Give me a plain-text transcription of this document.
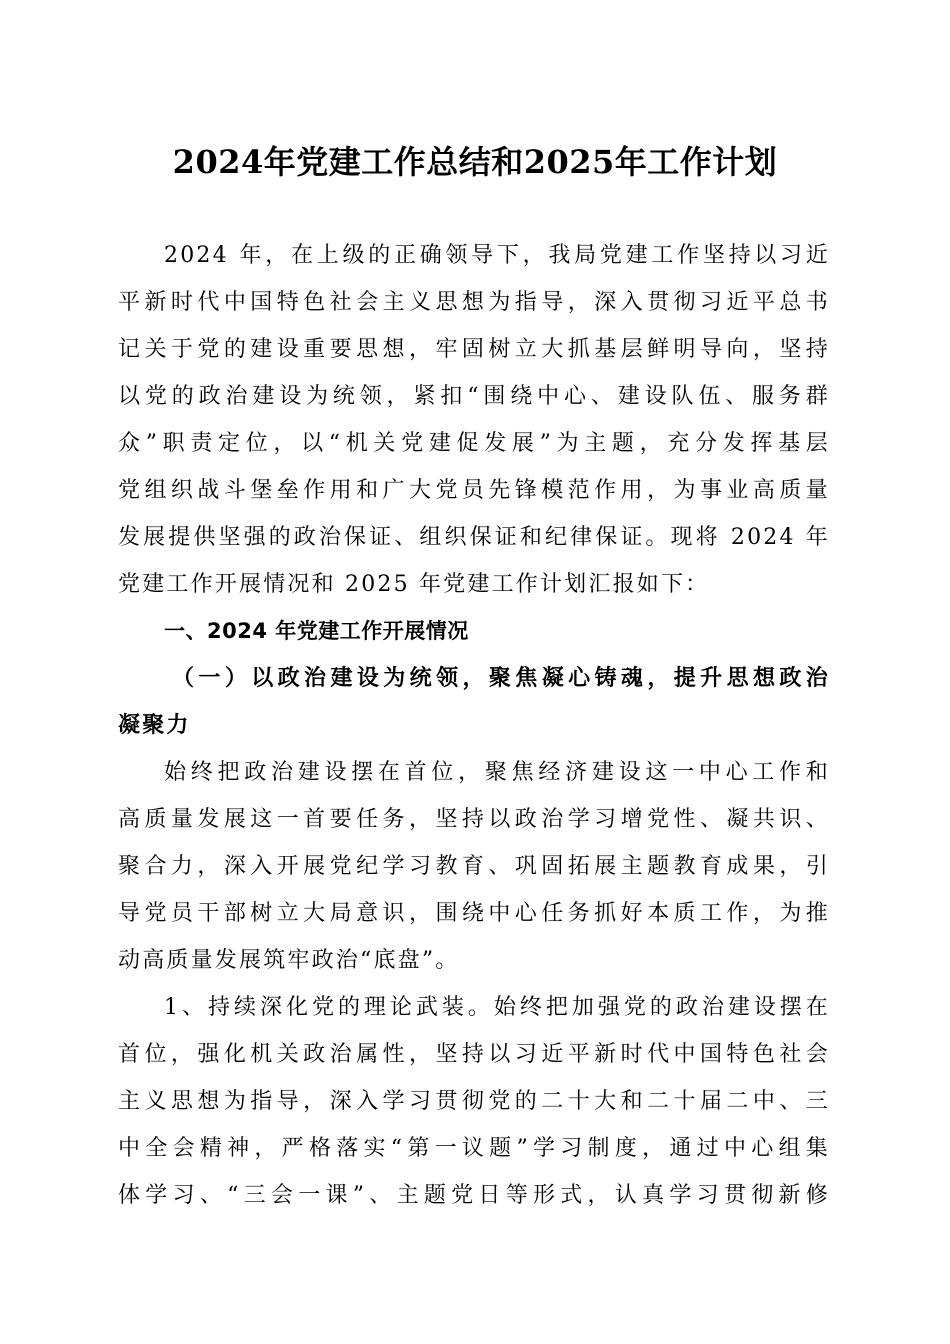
2024年党建工作总结和2025年工作计划
2024 年，在上级的正确领导下，我局党建工作坚持以习近
平新时代中国特色社会主义思想为指导，深入贯彻习近平总书
记关于党的建设重要思想，牢固树立大抓基层鲜明导向，坚持
以党的政治建设为统领，紧扣“围绕中心、建设队伍、服务群
众”职责定位，以“机关党建促发展”为主题，充分发挥基层
党组织战斗堡垒作用和广大党员先锋模范作用，为事业高质量
发展提供坚强的政治保证、组织保证和纪律保证。现将 2024 年
党建工作开展情况和 2025 年党建工作计划汇报如下：
一、2024 年党建工作开展情况
（一）以政治建设为统领，聚焦凝心铸魂，提升思想政治
凝聚力
始终把政治建设摆在首位，聚焦经济建设这一中心工作和
高质量发展这一首要任务，坚持以政治学习增党性、凝共识、
聚合力，深入开展党纪学习教育、巩固拓展主题教育成果，引
导党员干部树立大局意识，围绕中心任务抓好本质工作，为推
动高质量发展筑牢政治“底盘”。
1、持续深化党的理论武装。始终把加强党的政治建设摆在
首位，强化机关政治属性，坚持以习近平新时代中国特色社会
主义思想为指导，深入学习贯彻党的二十大和二十届二中、三
中全会精神，严格落实“第一议题”学习制度，通过中心组集
体学习、“三会一课”、主题党日等形式，认真学习贯彻新修
